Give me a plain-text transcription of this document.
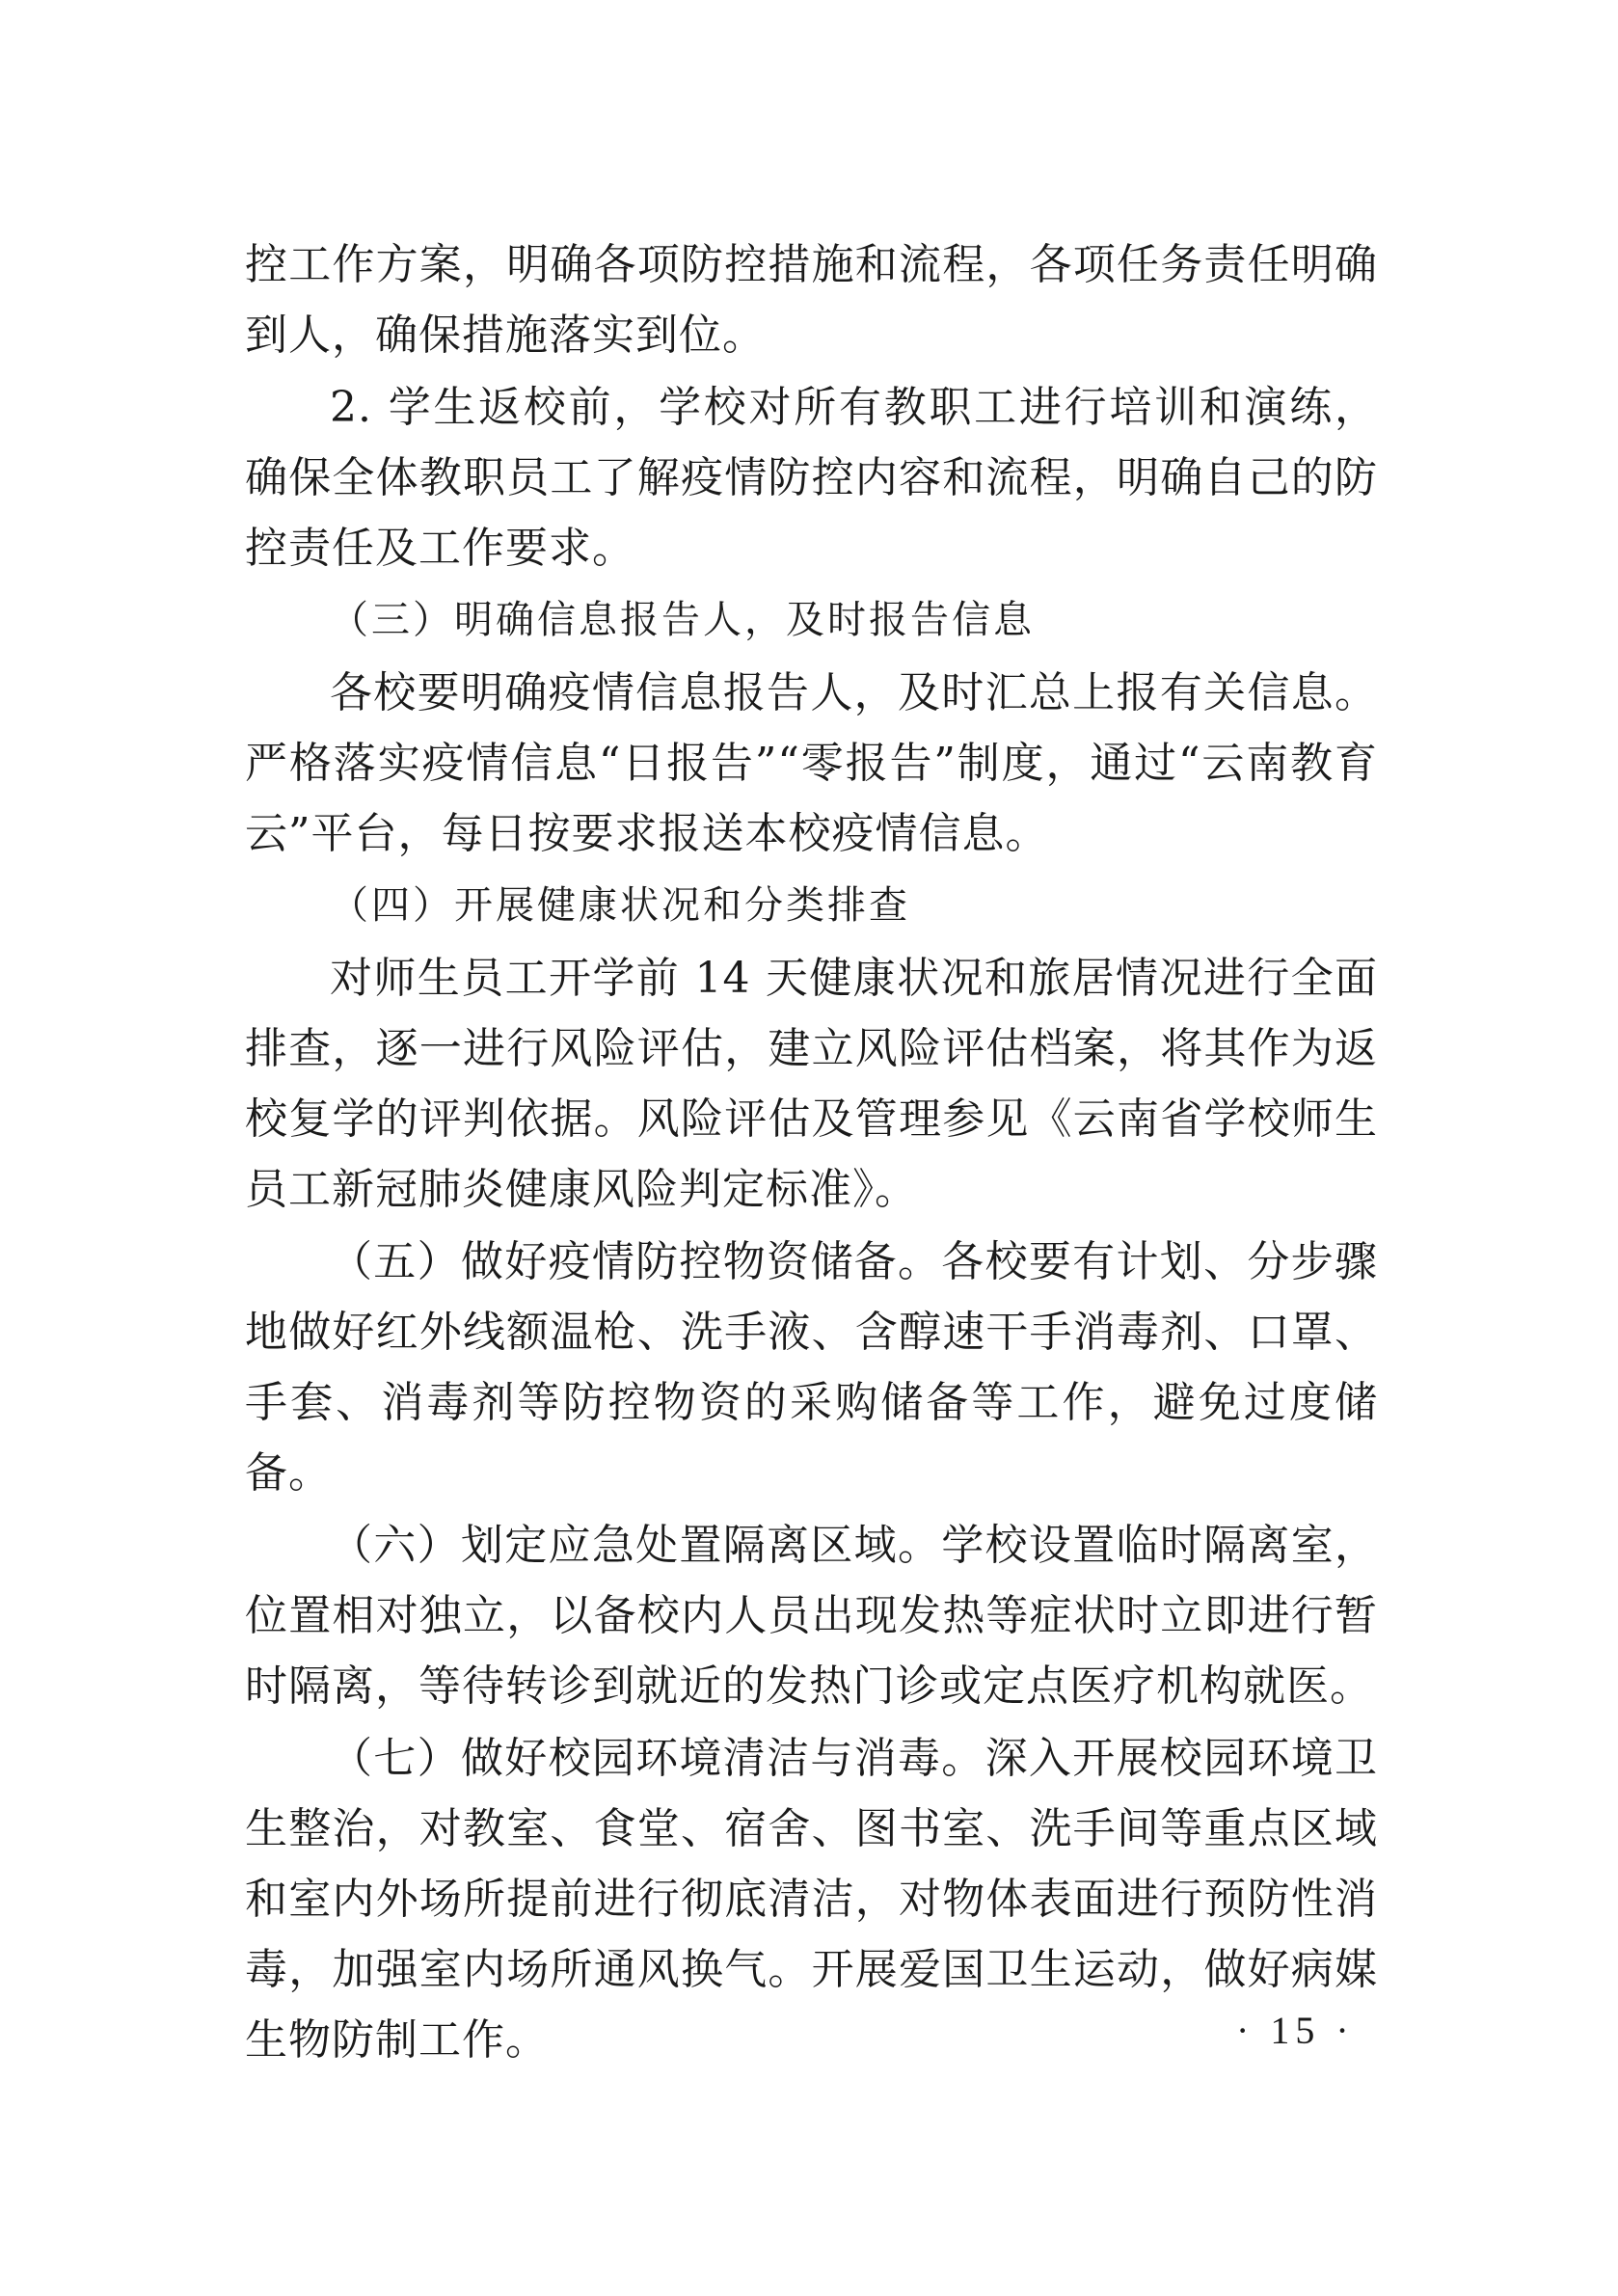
控工作方案，明确各项防控措施和流程，各项任务责任明确到人，确保措施落实到位。

2. 学生返校前，学校对所有教职工进行培训和演练，确保全体教职员工了解疫情防控内容和流程，明确自己的防控责任及工作要求。

（三）明确信息报告人，及时报告信息

各校要明确疫情信息报告人，及时汇总上报有关信息。严格落实疫情信息“日报告”“零报告”制度，通过“云南教育云”平台，每日按要求报送本校疫情信息。

（四）开展健康状况和分类排查

对师生员工开学前 14 天健康状况和旅居情况进行全面排查，逐一进行风险评估，建立风险评估档案，将其作为返校复学的评判依据。风险评估及管理参见《云南省学校师生员工新冠肺炎健康风险判定标准》。

（五）做好疫情防控物资储备。各校要有计划、分步骤地做好红外线额温枪、洗手液、含醇速干手消毒剂、口罩、手套、消毒剂等防控物资的采购储备等工作，避免过度储备。

（六）划定应急处置隔离区域。学校设置临时隔离室，位置相对独立，以备校内人员出现发热等症状时立即进行暂时隔离，等待转诊到就近的发热门诊或定点医疗机构就医。

（七）做好校园环境清洁与消毒。深入开展校园环境卫生整治，对教室、食堂、宿舍、图书室、洗手间等重点区域和室内外场所提前进行彻底清洁，对物体表面进行预防性消毒，加强室内场所通风换气。开展爱国卫生运动，做好病媒生物防制工作。	· 15 ·
